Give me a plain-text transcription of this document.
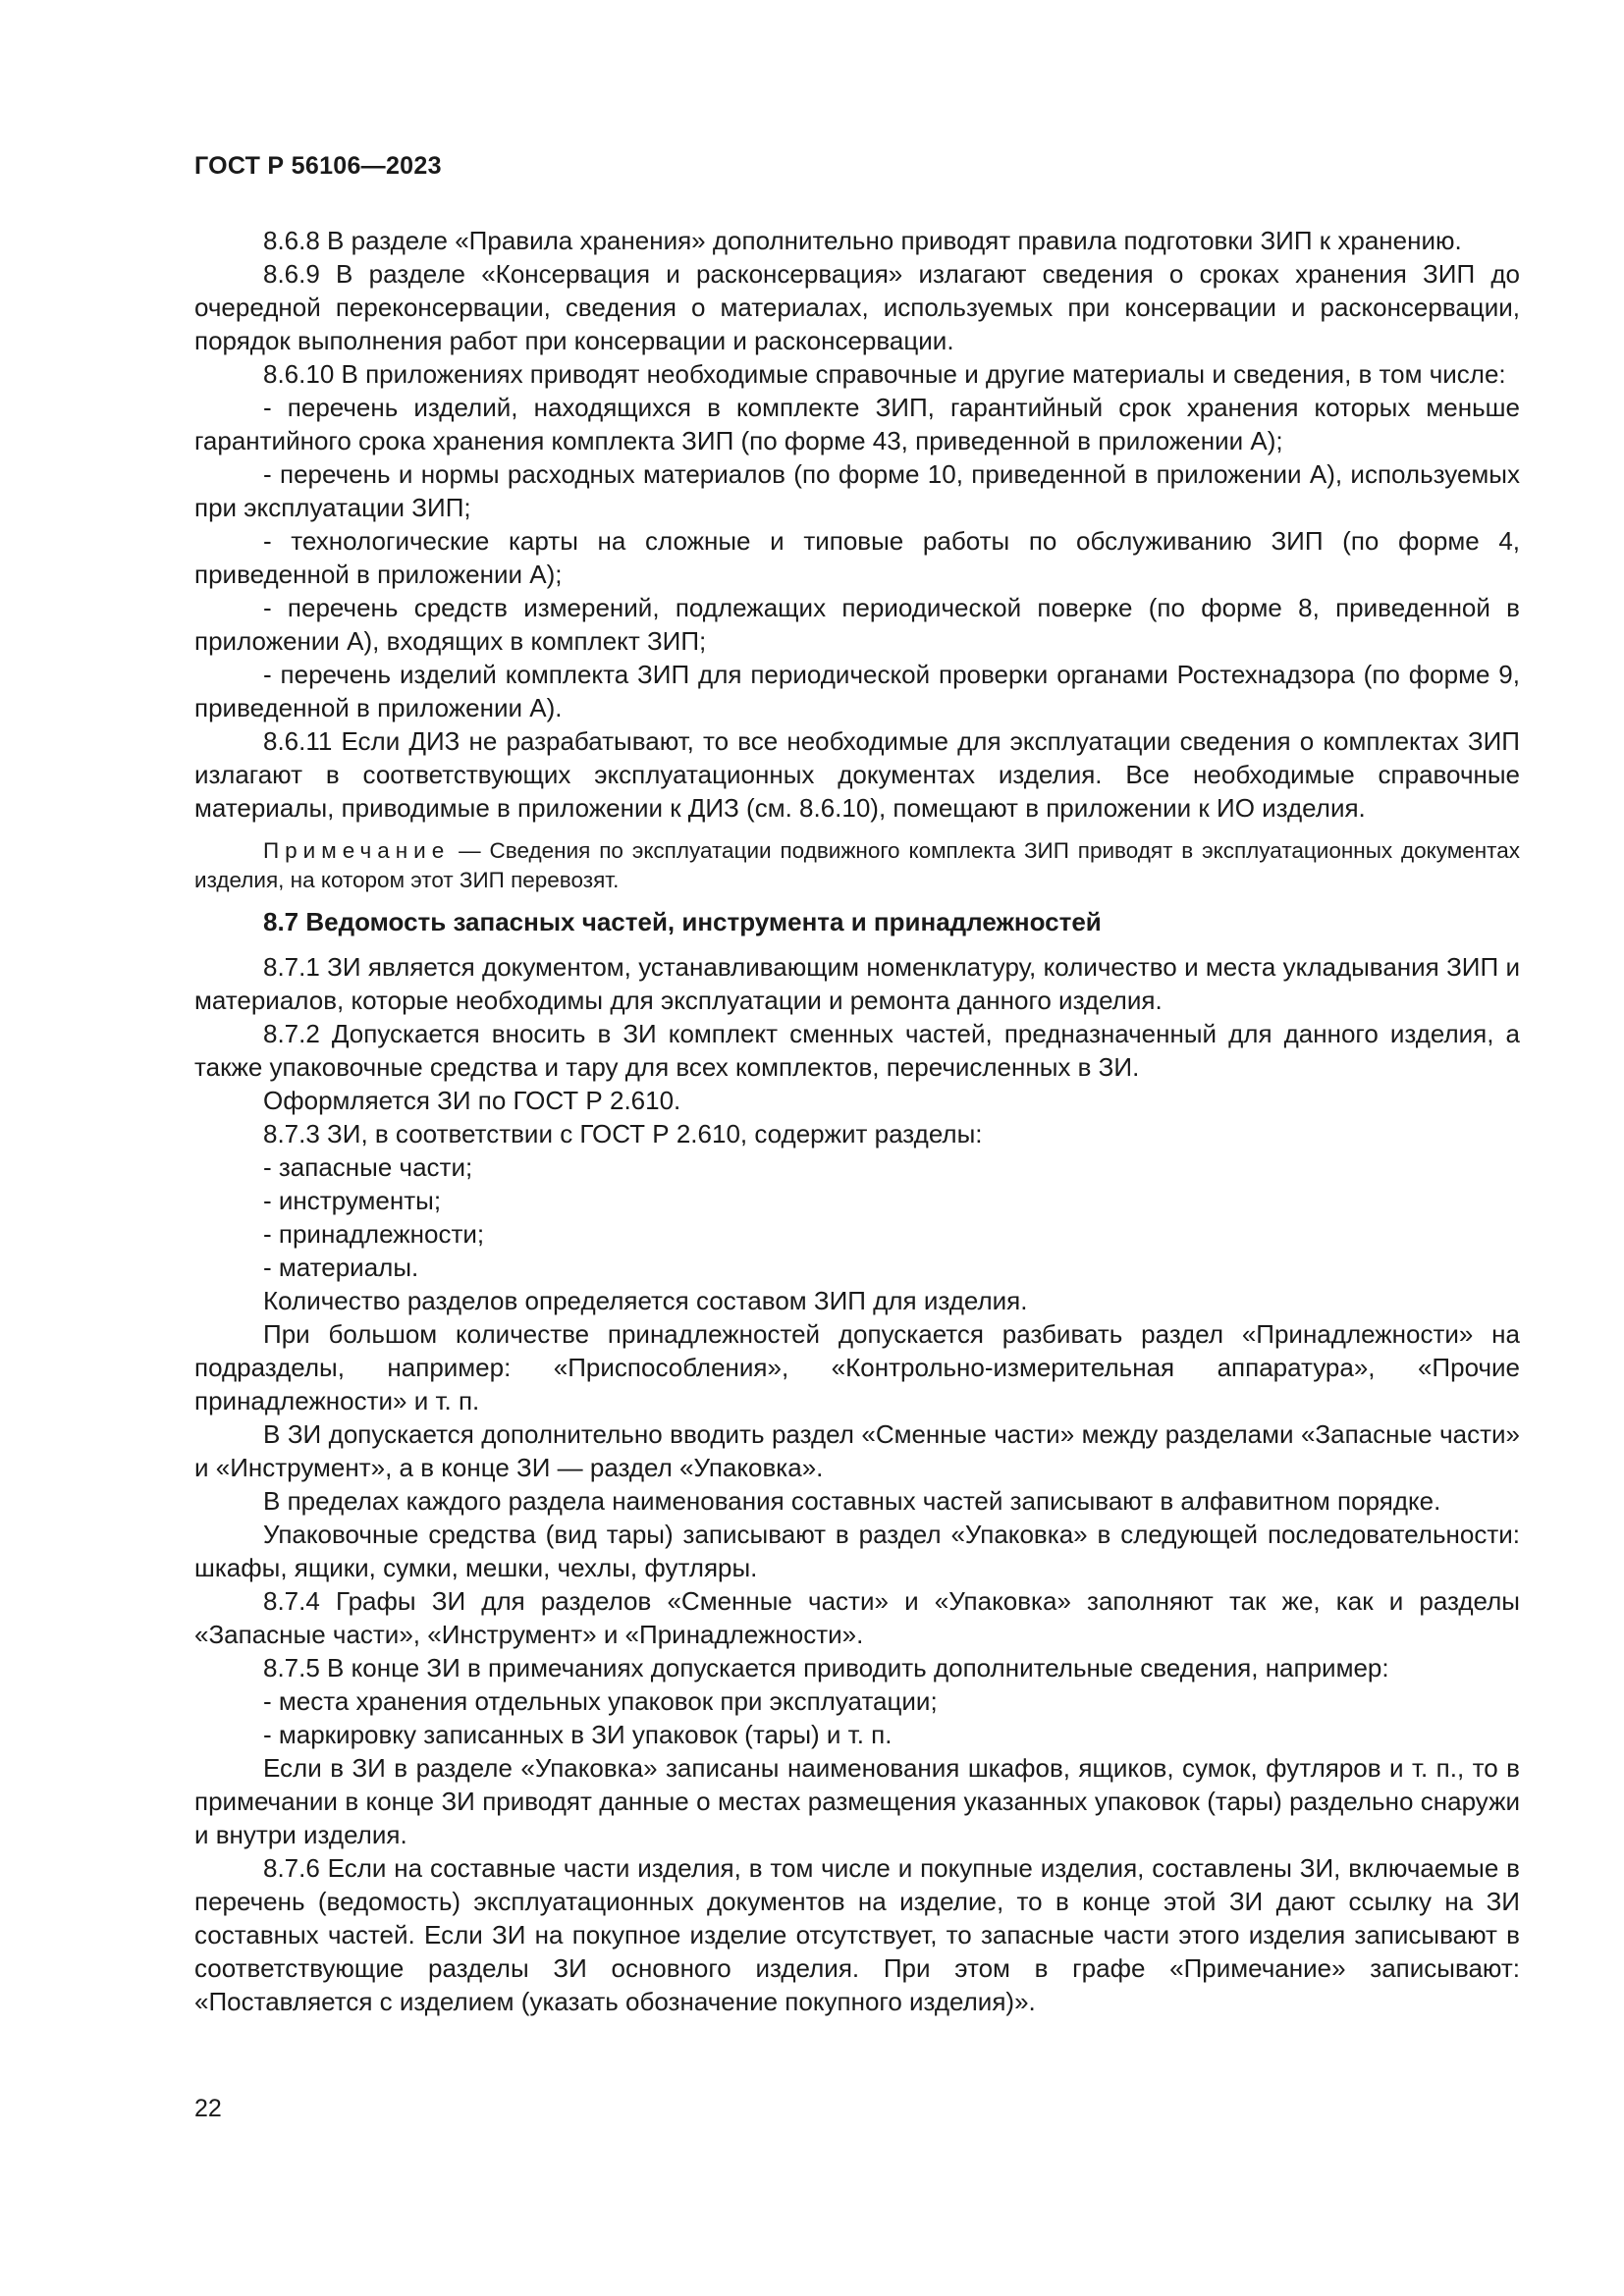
ГОСТ Р 56106—2023

8.6.8 В разделе «Правила хранения» дополнительно приводят правила подготовки ЗИП к хранению.

8.6.9 В разделе «Консервация и расконсервация» излагают сведения о сроках хранения ЗИП до очередной переконсервации, сведения о материалах, используемых при консервации и расконсервации, порядок выполнения работ при консервации и расконсервации.

8.6.10 В приложениях приводят необходимые справочные и другие материалы и сведения, в том числе:

- перечень изделий, находящихся в комплекте ЗИП, гарантийный срок хранения которых меньше гарантийного срока хранения комплекта ЗИП (по форме 43, приведенной в приложении А);

- перечень и нормы расходных материалов (по форме 10, приведенной в приложении А), используемых при эксплуатации ЗИП;

- технологические карты на сложные и типовые работы по обслуживанию ЗИП (по форме 4, приведенной в приложении А);

- перечень средств измерений, подлежащих периодической поверке (по форме 8, приведенной в приложении А), входящих в комплект ЗИП;

- перечень изделий комплекта ЗИП для периодической проверки органами Ростехнадзора (по форме 9, приведенной в приложении А).

8.6.11 Если ДИЗ не разрабатывают, то все необходимые для эксплуатации сведения о комплектах ЗИП излагают в соответствующих эксплуатационных документах изделия. Все необходимые справочные материалы, приводимые в приложении к ДИЗ (см. 8.6.10), помещают в приложении к ИО изделия.

Примечание — Сведения по эксплуатации подвижного комплекта ЗИП приводят в эксплуатационных документах изделия, на котором этот ЗИП перевозят.

8.7 Ведомость запасных частей, инструмента и принадлежностей

8.7.1 ЗИ является документом, устанавливающим номенклатуру, количество и места укладывания ЗИП и материалов, которые необходимы для эксплуатации и ремонта данного изделия.

8.7.2 Допускается вносить в ЗИ комплект сменных частей, предназначенный для данного изделия, а также упаковочные средства и тару для всех комплектов, перечисленных в ЗИ.

Оформляется ЗИ по ГОСТ Р 2.610.

8.7.3 ЗИ, в соответствии с ГОСТ Р 2.610, содержит разделы:

- запасные части;

- инструменты;

- принадлежности;

- материалы.

Количество разделов определяется составом ЗИП для изделия.

При большом количестве принадлежностей допускается разбивать раздел «Принадлежности» на подразделы, например: «Приспособления», «Контрольно-измерительная аппаратура», «Прочие принадлежности» и т. п.

В ЗИ допускается дополнительно вводить раздел «Сменные части» между разделами «Запасные части» и «Инструмент», а в конце ЗИ — раздел «Упаковка».

В пределах каждого раздела наименования составных частей записывают в алфавитном порядке.

Упаковочные средства (вид тары) записывают в раздел «Упаковка» в следующей последовательности: шкафы, ящики, сумки, мешки, чехлы, футляры.

8.7.4 Графы ЗИ для разделов «Сменные части» и «Упаковка» заполняют так же, как и разделы «Запасные части», «Инструмент» и «Принадлежности».

8.7.5 В конце ЗИ в примечаниях допускается приводить дополнительные сведения, например:

- места хранения отдельных упаковок при эксплуатации;

- маркировку записанных в ЗИ упаковок (тары) и т. п.

Если в ЗИ в разделе «Упаковка» записаны наименования шкафов, ящиков, сумок, футляров и т. п., то в примечании в конце ЗИ приводят данные о местах размещения указанных упаковок (тары) раздельно снаружи и внутри изделия.

8.7.6 Если на составные части изделия, в том числе и покупные изделия, составлены ЗИ, включаемые в перечень (ведомость) эксплуатационных документов на изделие, то в конце этой ЗИ дают ссылку на ЗИ составных частей. Если ЗИ на покупное изделие отсутствует, то запасные части этого изделия записывают в соответствующие разделы ЗИ основного изделия. При этом в графе «Примечание» записывают: «Поставляется с изделием (указать обозначение покупного изделия)».

22
